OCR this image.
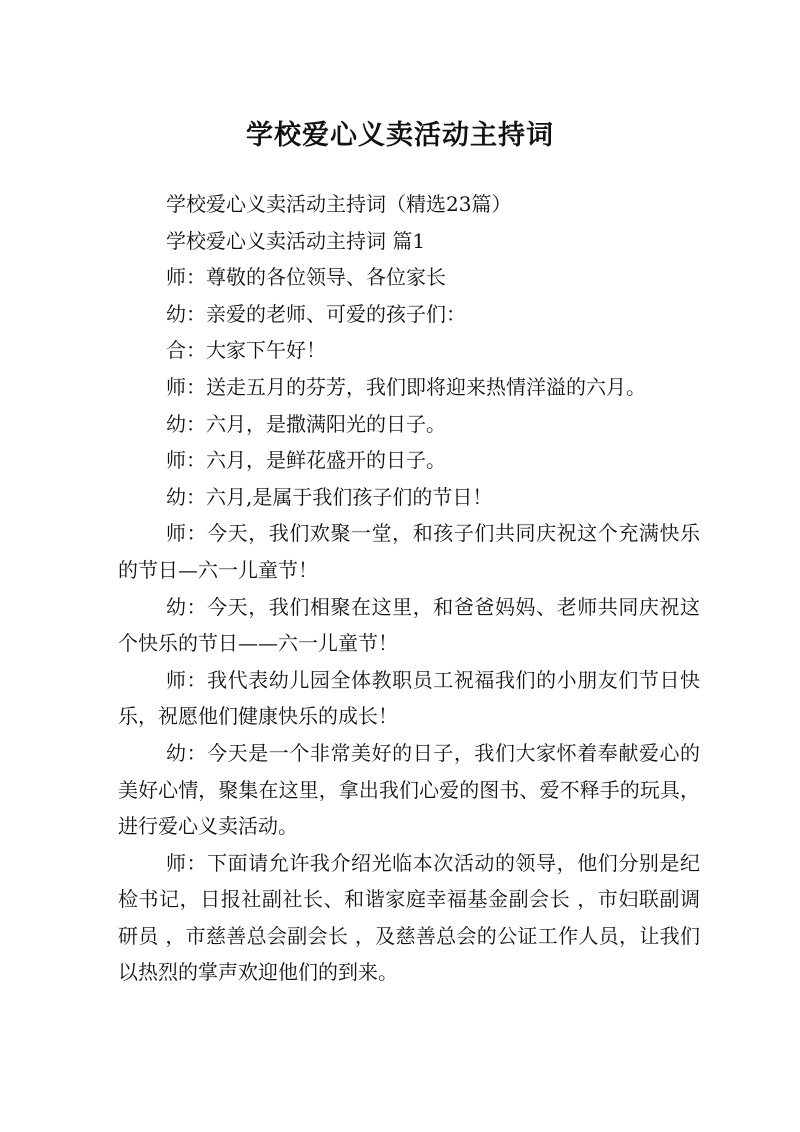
学校爱心义卖活动主持词

学校爱心义卖活动主持词（精选23篇）

学校爱心义卖活动主持词 篇1

师：尊敬的各位领导、各位家长

幼：亲爱的老师、可爱的孩子们：

合：大家下午好！

师：送走五月的芬芳，我们即将迎来热情洋溢的六月。

幼：六月，是撒满阳光的日子。

师：六月，是鲜花盛开的日子。

幼：六月,是属于我们孩子们的节日！

师：今天，我们欢聚一堂，和孩子们共同庆祝这个充满快乐的节日—六一儿童节！

幼：今天，我们相聚在这里，和爸爸妈妈、老师共同庆祝这个快乐的节日——六一儿童节！

师：我代表幼儿园全体教职员工祝福我们的小朋友们节日快乐，祝愿他们健康快乐的成长！

幼：今天是一个非常美好的日子，我们大家怀着奉献爱心的美好心情，聚集在这里，拿出我们心爱的图书、爱不释手的玩具，进行爱心义卖活动。

师：下面请允许我介绍光临本次活动的领导，他们分别是纪检书记，日报社副社长、和谐家庭幸福基金副会长 ，市妇联副调研员 ，市慈善总会副会长 ，及慈善总会的公证工作人员，让我们以热烈的掌声欢迎他们的到来。
